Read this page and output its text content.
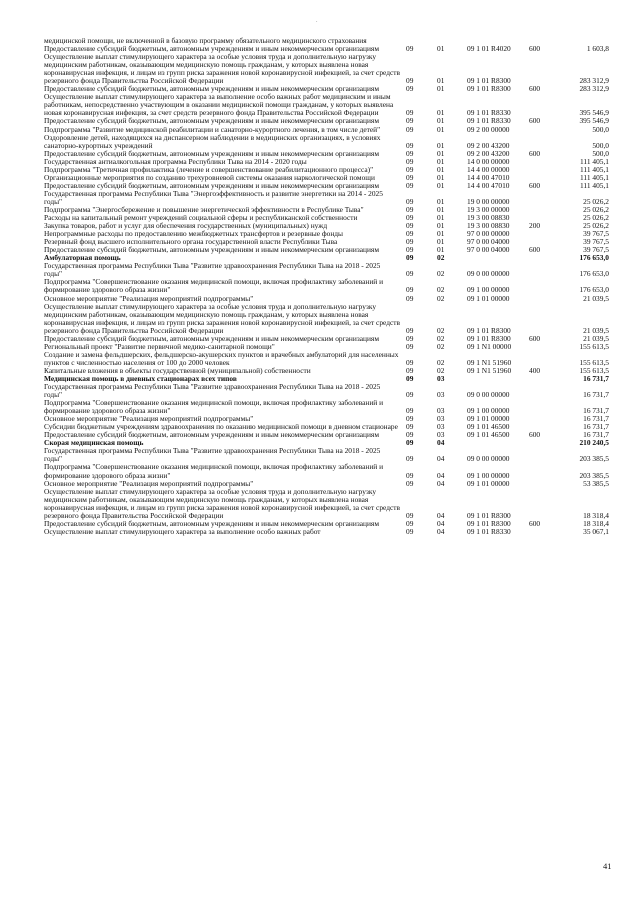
.
медицинской помощи, не включенной в базовую программу обязательного медицинского страхования					
Предоставление субсидий бюджетным, автономным учреждениям и иным некоммерческим организациям	09	01	09 1 01 R4020	600	1 603,8
Осуществление выплат стимулирующего характера за особые условия труда и дополнительную нагрузку медицинским работникам, оказывающим медицинскую помощь гражданам, у которых выявлена новая коронавирусная инфекция, и лицам из групп риска заражения новой коронавирусной инфекцией, за счет средств резервного фонда Правительства Российской Федерации	09	01	09 1 01 R8300		283 312,9
Предоставление субсидий бюджетным, автономным учреждениям и иным некоммерческим организациям	09	01	09 1 01 R8300	600	283 312,9
Осуществление выплат стимулирующего характера за выполнение особо важных работ медицинским и иным работникам, непосредственно участвующим в оказании медицинской помощи гражданам, у которых выявлена новая коронавирусная инфекция, за счет средств резервного фонда Правительства Российской Федерации	09	01	09 1 01 R8330		395 546,9
Предоставление субсидий бюджетным, автономным учреждениям и иным некоммерческим организациям	09	01	09 1 01 R8330	600	395 546,9
Подпрограмма "Развитие медицинской реабилитации и санаторно-курортного лечения, в том числе детей"	09	01	09 2 00 00000		500,0
Оздоровление детей, находящихся на диспансерном наблюдении в медицинских организациях, в условиях санаторно-курортных учреждений	09	01	09 2 00 43200		500,0
Предоставление субсидий бюджетным, автономным учреждениям и иным некоммерческим организациям	09	01	09 2 00 43200	600	500,0
Государственная антиалкогольная программа Республики Тыва на 2014 - 2020 годы	09	01	14 0 00 00000		111 405,1
Подпрограмма "Третичная профилактика (лечение и совершенствование реабилитационного процесса)"	09	01	14 4 00 00000		111 405,1
Организационные мероприятия по созданию трехуровневой системы оказания наркологической помощи	09	01	14 4 00 47010		111 405,1
Предоставление субсидий бюджетным, автономным учреждениям и иным некоммерческим организациям	09	01	14 4 00 47010	600	111 405,1
Государственная программа Республики Тыва "Энергоэффективность и развитие энергетики на 2014 - 2025 годы"	09	01	19 0 00 00000		25 026,2
Подпрограмма "Энергосбережение и повышение энергетической эффективности в Республике Тыва"	09	01	19 3 00 00000		25 026,2
Расходы на капитальный ремонт учреждений социальной сферы и республиканской собственности	09	01	19 3 00 08830		25 026,2
Закупка товаров, работ и услуг для обеспечения государственных (муниципальных) нужд	09	01	19 3 00 08830	200	25 026,2
Непрограммные расходы по предоставлению межбюджетных трансфертов и резервные фонды	09	01	97 0 00 00000		39 767,5
Резервный фонд высшего исполнительного органа государственной власти Республики Тыва	09	01	97 0 00 04000		39 767,5
Предоставление субсидий бюджетным, автономным учреждениям и иным некоммерческим организациям	09	01	97 0 00 04000	600	39 767,5
Амбулаторная помощь	09	02			176 653,0
Государственная программа Республики Тыва "Развитие здравоохранения Республики Тыва на 2018 - 2025 годы"	09	02	09 0 00 00000		176 653,0
Подпрограмма "Совершенствование оказания медицинской помощи, включая профилактику заболеваний и формирование здорового образа жизни"	09	02	09 1 00 00000		176 653,0
Основное мероприятие "Реализация мероприятий подпрограммы"	09	02	09 1 01 00000		21 039,5
Осуществление выплат стимулирующего характера за особые условия труда и дополнительную нагрузку медицинским работникам, оказывающим медицинскую помощь гражданам, у которых выявлена новая коронавирусная инфекция, и лицам из групп риска заражения новой коронавирусной инфекцией, за счет средств резервного фонда Правительства Российской Федерации	09	02	09 1 01 R8300		21 039,5
Предоставление субсидий бюджетным, автономным учреждениям и иным некоммерческим организациям	09	02	09 1 01 R8300	600	21 039,5
Региональный проект "Развитие первичной медико-санитарной помощи"	09	02	09 1 N1 00000		155 613,5
Создание и замена фельдшерских, фельдшерско-акушерских пунктов и врачебных амбулаторий для населенных пунктов с численностью населения от 100 до 2000 человек	09	02	09 1 N1 51960		155 613,5
Капитальные вложения в объекты государственной (муниципальной) собственности	09	02	09 1 N1 51960	400	155 613,5
Медицинская помощь в дневных стационарах всех типов	09	03			16 731,7
Государственная программа Республики Тыва "Развитие здравоохранения Республики Тыва на 2018 - 2025 годы"	09	03	09 0 00 00000		16 731,7
Подпрограмма "Совершенствование оказания медицинской помощи, включая профилактику заболеваний и формирование здорового образа жизни"	09	03	09 1 00 00000		16 731,7
Основное мероприятие "Реализация мероприятий подпрограммы"	09	03	09 1 01 00000		16 731,7
Субсидии бюджетным учреждениям здравоохранения по оказанию медицинской помощи в дневном стационаре	09	03	09 1 01 46500		16 731,7
Предоставление субсидий бюджетным, автономным учреждениям и иным некоммерческим организациям	09	03	09 1 01 46500	600	16 731,7
Скорая медицинская помощь	09	04			210 240,5
Государственная программа Республики Тыва "Развитие здравоохранения Республики Тыва на 2018 - 2025 годы"	09	04	09 0 00 00000		203 385,5
Подпрограмма "Совершенствование оказания медицинской помощи, включая профилактику заболеваний и формирование здорового образа жизни"	09	04	09 1 00 00000		203 385,5
Основное мероприятие "Реализация мероприятий подпрограммы"	09	04	09 1 01 00000		53 385,5
Осуществление выплат стимулирующего характера за особые условия труда и дополнительную нагрузку медицинским работникам, оказывающим медицинскую помощь гражданам, у которых выявлена новая коронавирусная инфекция, и лицам из групп риска заражения новой коронавирусной инфекцией, за счет средств резервного фонда Правительства Российской Федерации	09	04	09 1 01 R8300		18 318,4
Предоставление субсидий бюджетным, автономным учреждениям и иным некоммерческим организациям	09	04	09 1 01 R8300	600	18 318,4
Осуществление выплат стимулирующего характера за выполнение особо важных работ	09	04	09 1 01 R8330		35 067,1
41
